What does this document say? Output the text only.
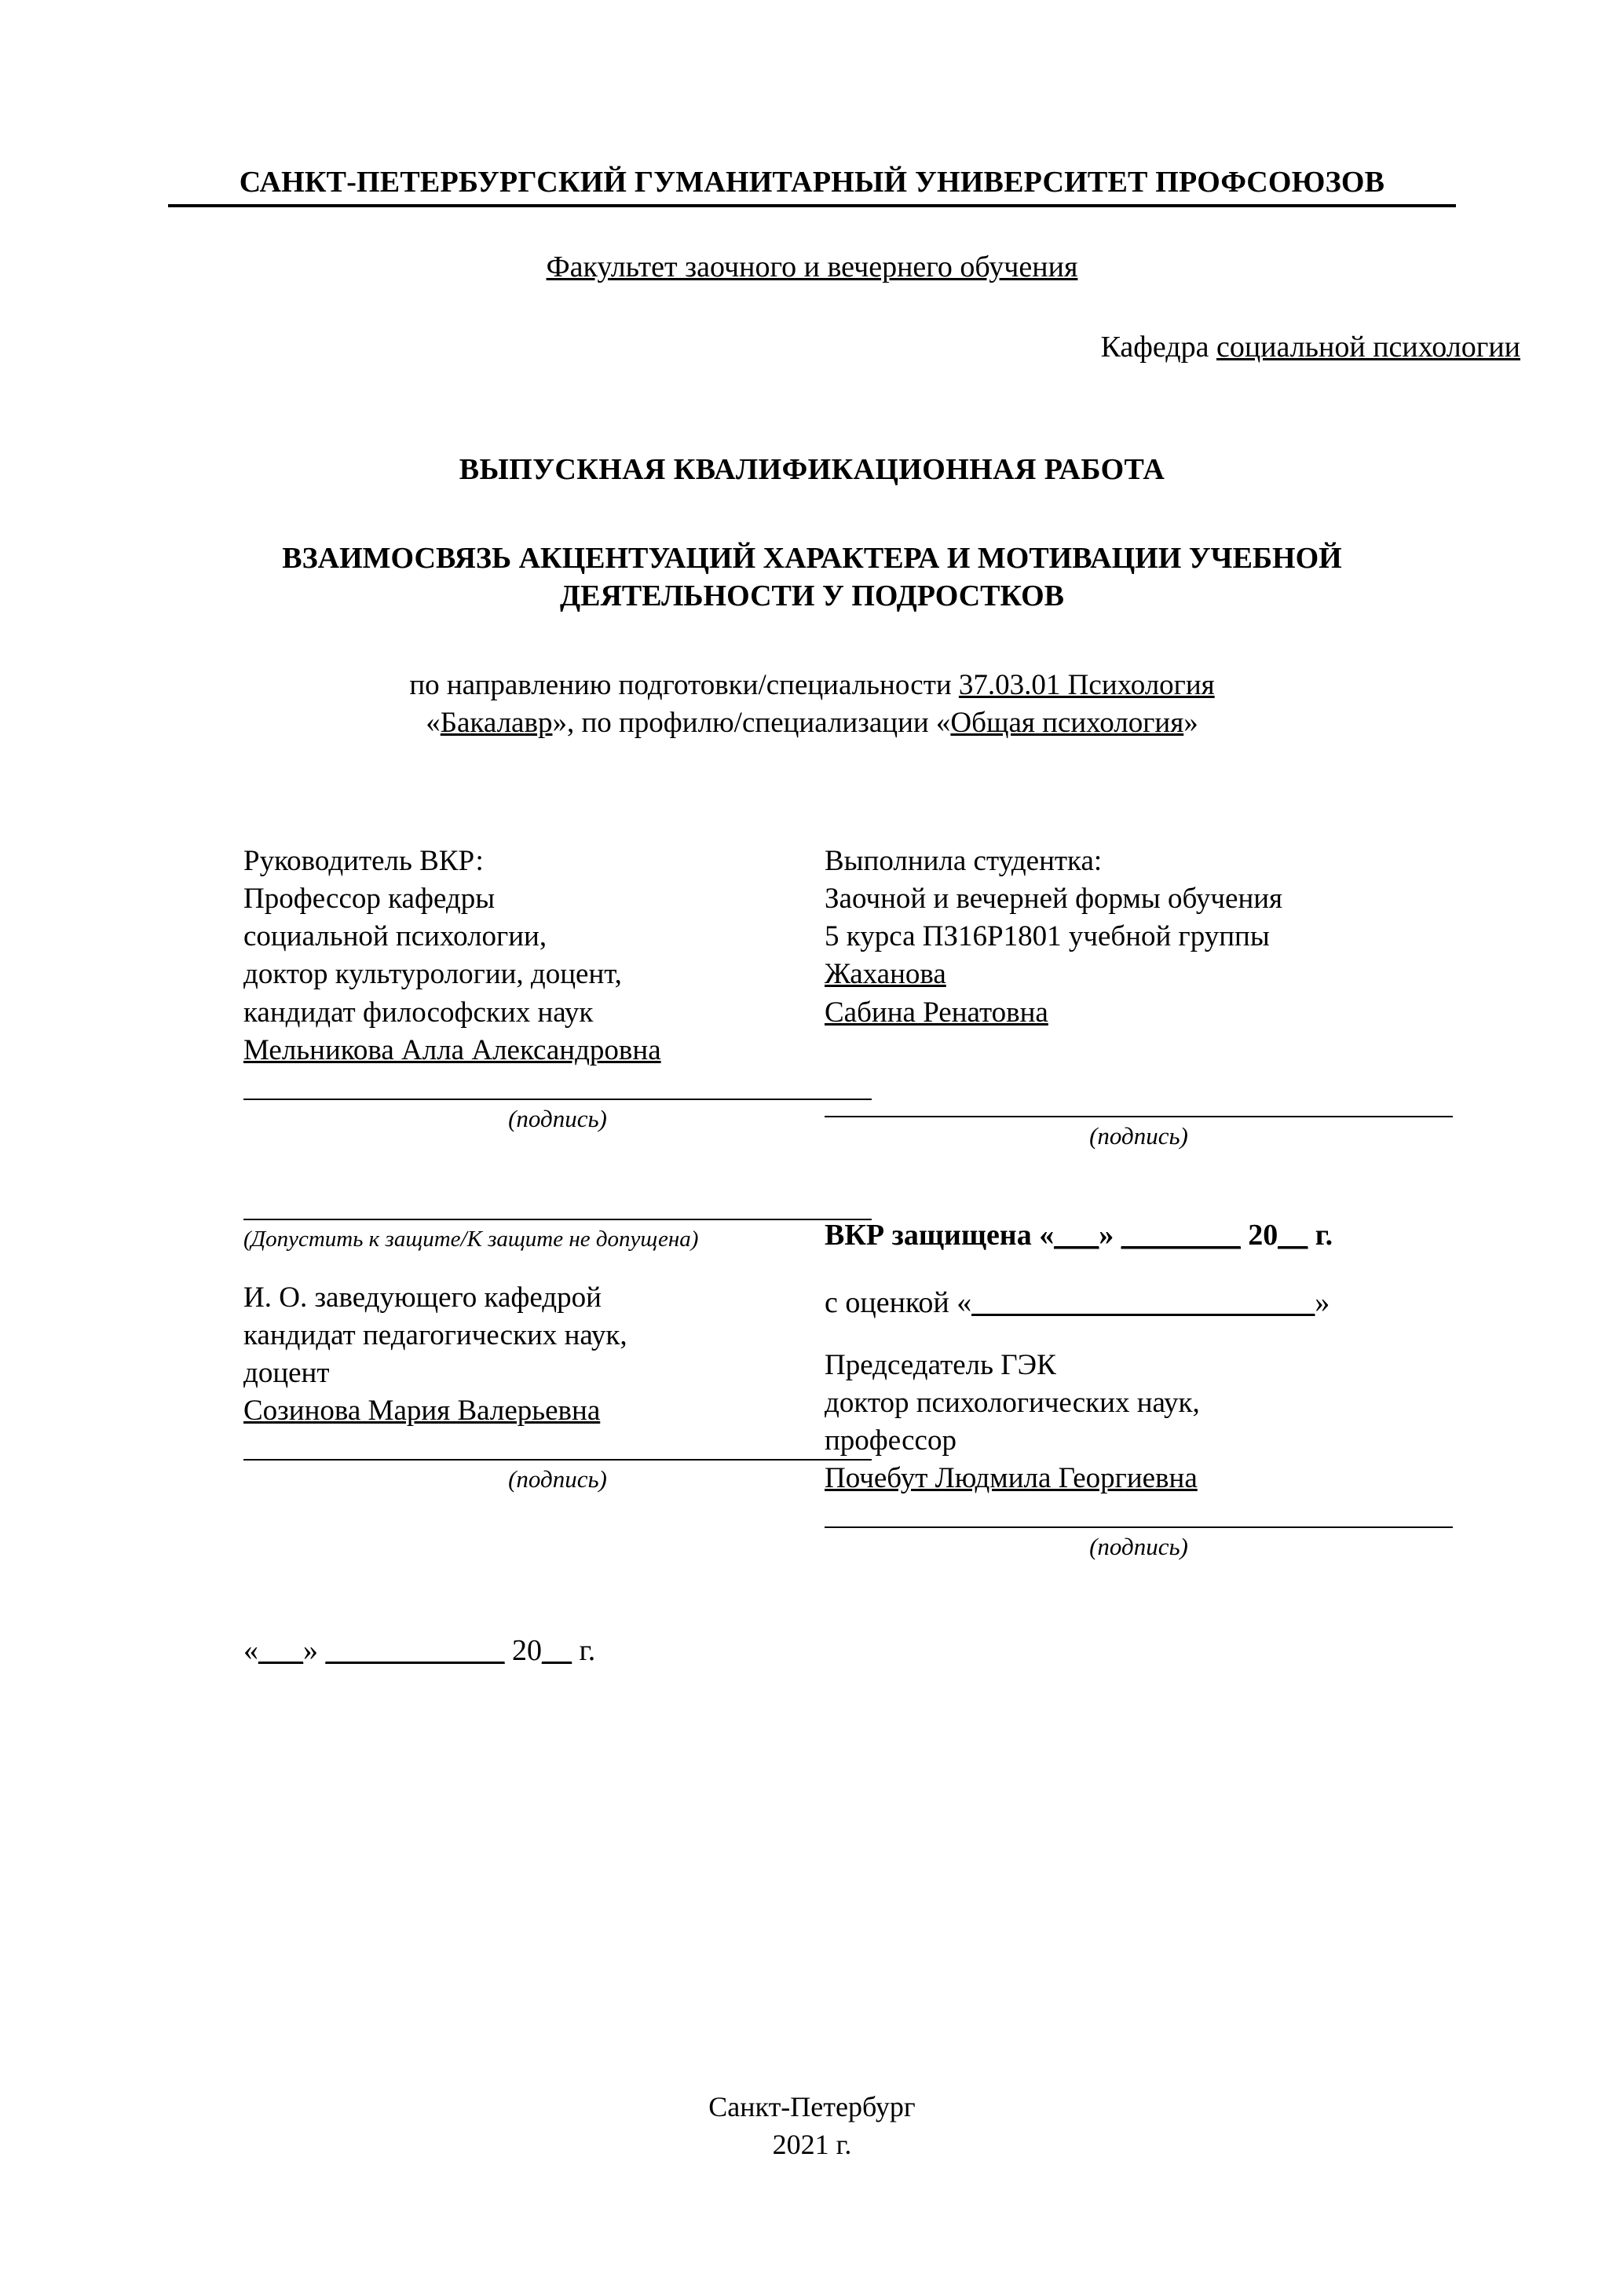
САНКТ-ПЕТЕРБУРГСКИЙ ГУМАНИТАРНЫЙ УНИВЕРСИТЕТ ПРОФСОЮЗОВ
Факультет заочного и вечернего обучения
Кафедра социальной психологии
ВЫПУСКНАЯ КВАЛИФИКАЦИОННАЯ РАБОТА
ВЗАИМОСВЯЗЬ АКЦЕНТУАЦИЙ ХАРАКТЕРА И МОТИВАЦИИ УЧЕБНОЙ ДЕЯТЕЛЬНОСТИ У ПОДРОСТКОВ
по направлению подготовки/специальности 37.03.01 Психология
«Бакалавр», по профилю/специализации «Общая психология»
Руководитель ВКР:
Профессор кафедры
социальной психологии,
доктор культурологии, доцент,
кандидат философских наук
Мельникова Алла Александровна
(подпись)
Выполнила студентка:
Заочной и вечерней формы обучения
5 курса ПЗ16Р1801 учебной группы
Жаханова
Сабина Ренатовна
(подпись)
(Допустить к защите/К защите не допущена)
И. О. заведующего кафедрой
кандидат педагогических наук,
доцент
Созинова Мария Валерьевна
(подпись)
ВКР защищена «___» ________ 20__ г.
с оценкой «_______________________»
Председатель ГЭК
доктор психологических наук,
профессор
Почебут Людмила Георгиевна
(подпись)
«___» ____________ 20__ г.
Санкт-Петербург
2021 г.
